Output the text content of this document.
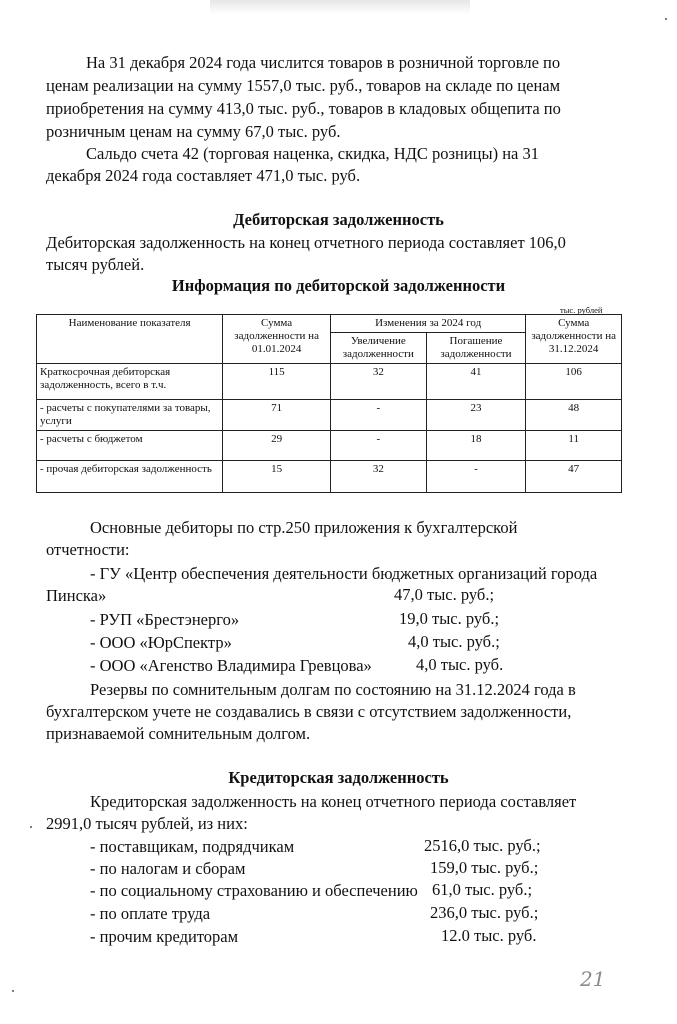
На 31 декабря 2024 года числится товаров в розничной торговле по

ценам реализации на сумму 1557,0 тыс. руб., товаров на складе по ценам

приобретения на сумму 413,0 тыс. руб., товаров в кладовых общепита по

розничным ценам на сумму 67,0 тыс. руб.

Сальдо счета 42 (торговая наценка, скидка, НДС розницы) на 31

декабря 2024 года составляет 471,0 тыс. руб.

Дебиторская задолженность

Дебиторская задолженность на конец отчетного периода составляет 106,0

тысяч рублей.

Информация по дебиторской задолженности
тыс. рублей
Наименование показателя	Сумма задолженности на 01.01.2024	Изменения за 2024 год		Сумма задолженности на 31.12.2024
		Увеличение задолженности	Погашение задолженности	
Краткосрочная дебиторская задолженность, всего в т.ч.	115	32	41	106
- расчеты с покупателями за товары, услуги	71	-	23	48
- расчеты с бюджетом	29	-	18	11
- прочая дебиторская задолженность	15	32	-	47

Основные дебиторы по стр.250 приложения к бухгалтерской

отчетности:

- ГУ «Центр обеспечения деятельности бюджетных организаций города

Пинска»	47,0 тыс. руб.;

- РУП «Брестэнерго»	19,0 тыс. руб.;

- ООО «ЮрСпектр»	4,0 тыс. руб.;

- ООО «Агенство Владимира Гревцова»	4,0 тыс. руб.

Резервы по сомнительным долгам по состоянию на 31.12.2024 года в

бухгалтерском учете не создавались в связи с отсутствием задолженности,

признаваемой сомнительным долгом.

Кредиторская задолженность

Кредиторская задолженность на конец отчетного периода составляет

2991,0 тысяч рублей, из них:

- поставщикам, подрядчикам	2516,0 тыс. руб.;

- по налогам и сборам	159,0 тыс. руб.;

- по социальному страхованию и обеспечению 61,0 тыс. руб.;

- по оплате труда	236,0 тыс. руб.;

- прочим кредиторам	12.0 тыс. руб.
21
